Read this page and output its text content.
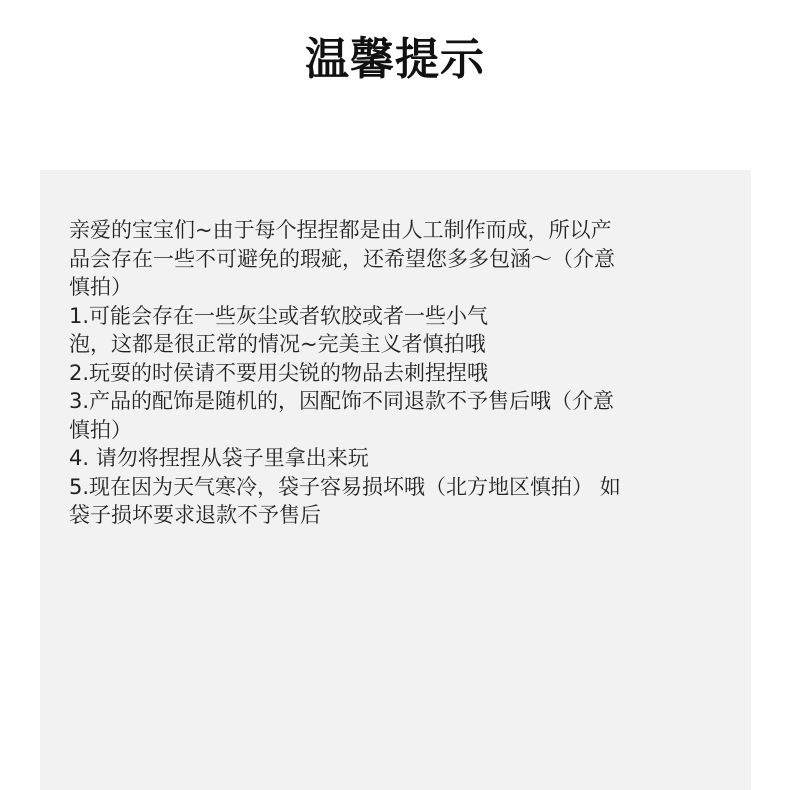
温馨提示
亲爱的宝宝们~由于每个捏捏都是由人工制作而成，所以产
品会存在一些不可避免的瑕疵，还希望您多多包涵～（介意
慎拍）
1.可能会存在一些灰尘或者软胶或者一些小气
泡，这都是很正常的情况~完美主义者慎拍哦
2.玩耍的时侯请不要用尖锐的物品去刺捏捏哦
3.产品的配饰是随机的，因配饰不同退款不予售后哦（介意
慎拍）
4. 请勿将捏捏从袋子里拿出来玩
5.现在因为天气寒冷，袋子容易损坏哦（北方地区慎拍） 如
袋子损坏要求退款不予售后
